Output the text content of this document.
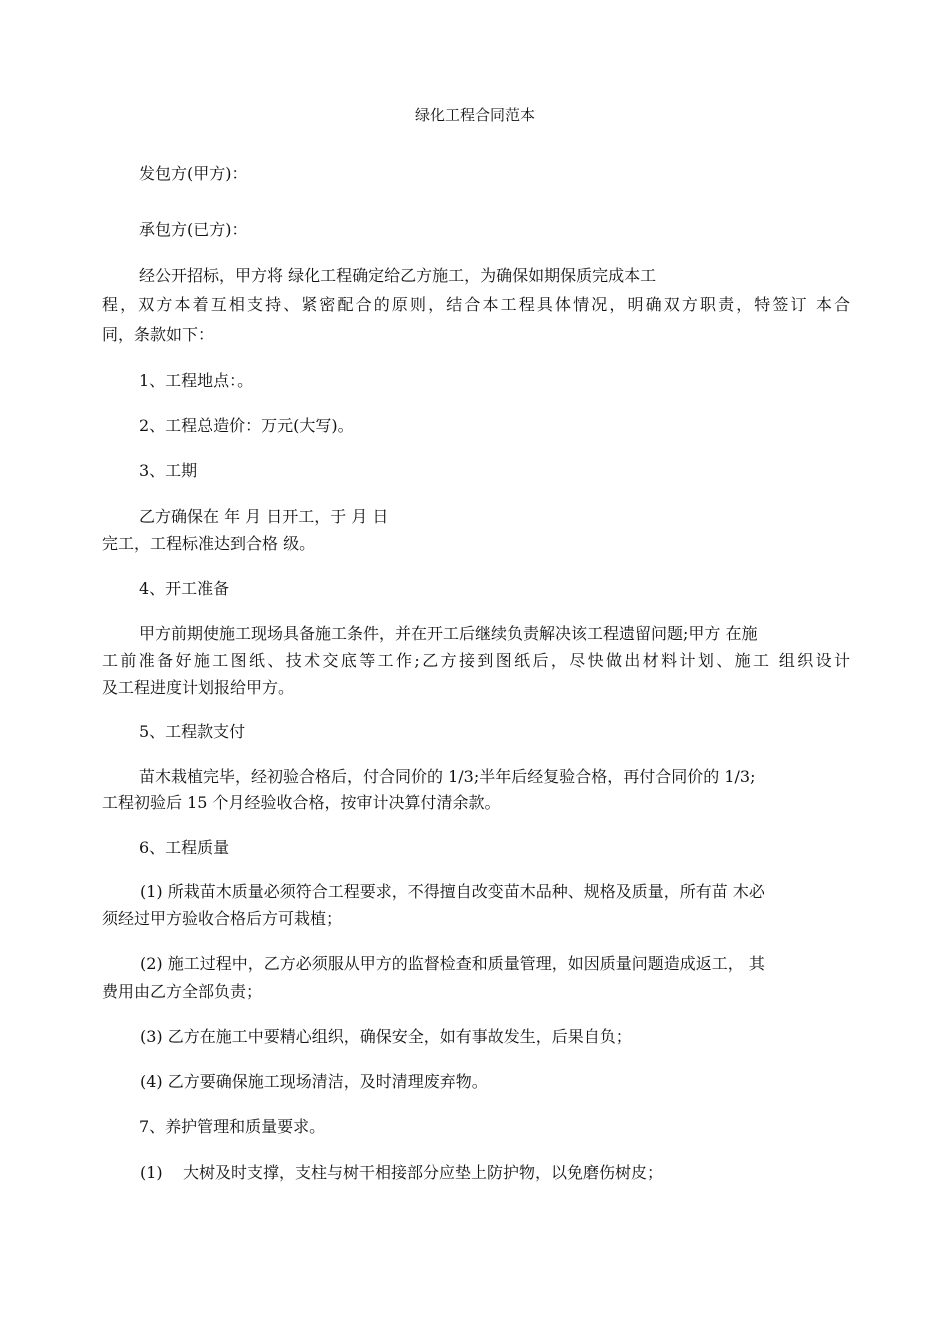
绿化工程合同范本
发包方(甲方)：
承包方(已方)：
经公开招标，甲方将 绿化工程确定给乙方施工，为确保如期保质完成本工
程，双方本着互相支持、紧密配合的原则，结合本工程具体情况，明确双方职责，特签订 本合
同，条款如下：
1、工程地点：。
2、工程总造价：万元(大写)。
3、工期
乙方确保在 年 月 日开工，于 月 日
完工，工程标准达到合格 级。
4、开工准备
甲方前期使施工现场具备施工条件，并在开工后继续负责解决该工程遗留问题;甲方 在施
工前准备好施工图纸、技术交底等工作;乙方接到图纸后，尽快做出材料计划、施工 组织设计
及工程进度计划报给甲方。
5、工程款支付
苗木栽植完毕，经初验合格后，付合同价的 1/3;半年后经复验合格，再付合同价的 1/3;
工程初验后 15 个月经验收合格，按审计决算付清余款。
6、工程质量
(1) 所栽苗木质量必须符合工程要求，不得擅自改变苗木品种、规格及质量，所有苗 木必
须经过甲方验收合格后方可栽植；
(2) 施工过程中，乙方必须服从甲方的监督检查和质量管理，如因质量问题造成返工， 其
费用由乙方全部负责；
(3) 乙方在施工中要精心组织，确保安全，如有事故发生，后果自负；
(4) 乙方要确保施工现场清洁，及时清理废弃物。
7、养护管理和质量要求。
(1)    大树及时支撑，支柱与树干相接部分应垫上防护物，以免磨伤树皮；
